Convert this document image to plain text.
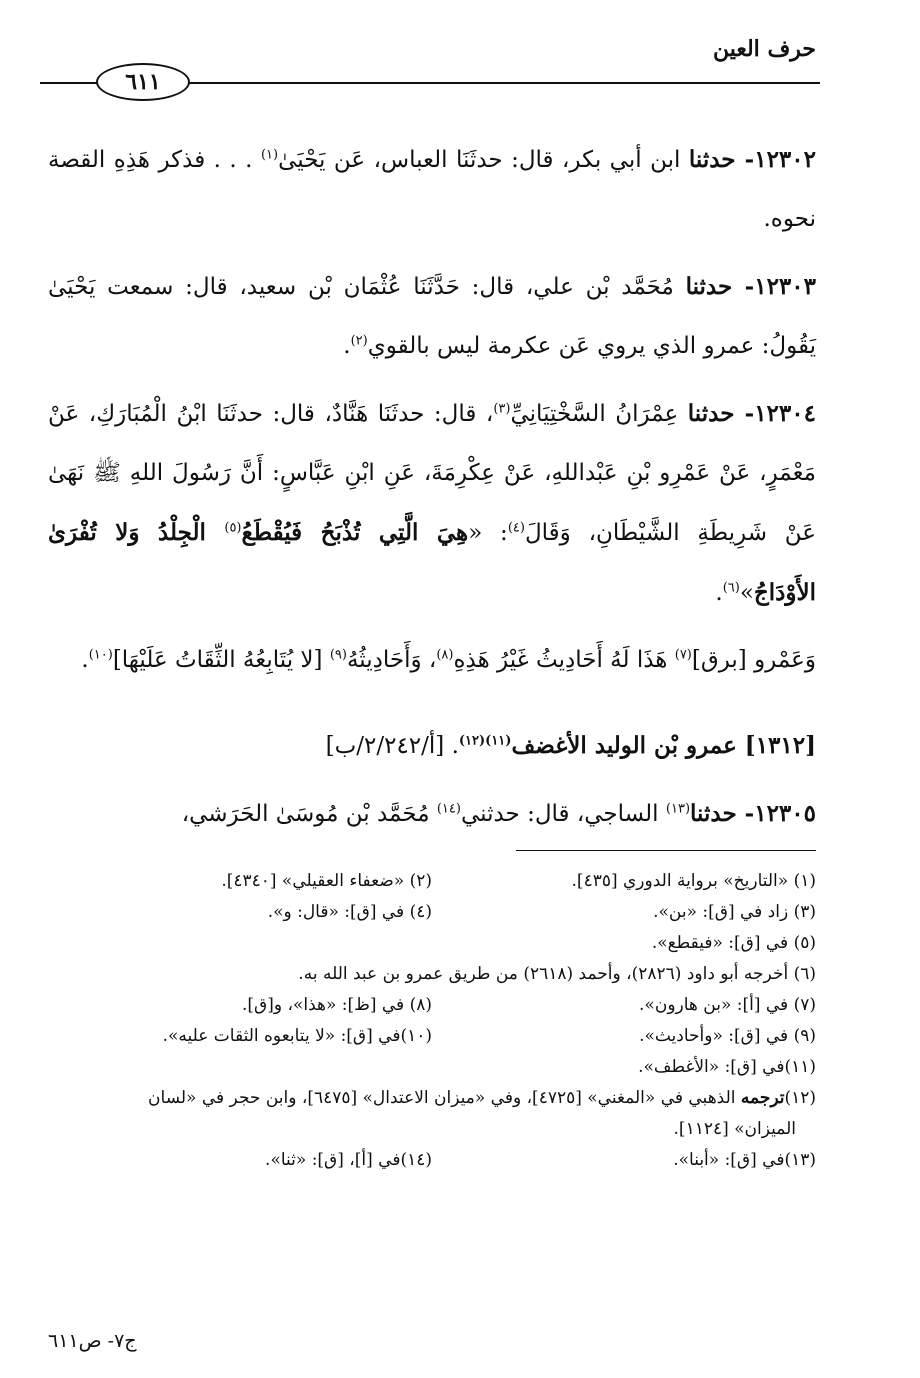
حرف العين
٦١١

١٢٣٠٢- حدثنا ابن أبي بكر، قال: حدثَنَا العباس، عَن يَحْيَىٰ$^{(١)}$ . . . فذكر هَذِهِ القصة نحوه.

١٢٣٠٣- حدثنا مُحَمَّد بْن علي، قال: حَدَّثَنَا عُثْمَان بْن سعيد، قال: سمعت يَحْيَىٰ يَقُولُ: عمرو الذي يروي عَن عكرمة ليس بالقوي$^{(٢)}$.

١٢٣٠٤- حدثنا عِمْرَانُ السَّخْتِيَانِيِّ$^{(٣)}$، قال: حدثَنَا هَنَّادٌ، قال: حدثَنَا ابْنُ الْمُبَارَكِ، عَنْ مَعْمَرٍ، عَنْ عَمْرِو بْنِ عَبْداللهِ، عَنْ عِكْرِمَةَ، عَنِ ابْنِ عَبَّاسٍ: أَنَّ رَسُولَ اللهِ ﷺ نَهَىٰ عَنْ شَرِيطَةِ الشَّيْطَانِ، وَقَالَ$^{(٤)}$: «هِيَ الَّتِي تُذْبَحُ فَيُقْطَعُ$^{(٥)}$ الْجِلْدُ وَلا تُفْرَىٰ الأَوْدَاجُ»$^{(٦)}$.

وَعَمْرو [برق]$^{(٧)}$ هَذَا لَهُ أَحَادِيثُ غَيْرُ هَذِهِ$^{(٨)}$، وَأَحَادِيثُهُ$^{(٩)}$ [لا يُتَابِعُهُ الثِّقَاتُ عَلَيْهَا]$^{(١٠)}$.

[١٣١٢] عمرو بْن الوليد الأغضف$^{(١١)(١٢)}$. [أ/٢/٢٤٢/ب]

١٢٣٠٥- حدثنا$^{(١٣)}$ الساجي، قال: حدثني$^{(١٤)}$ مُحَمَّد بْن مُوسَىٰ الحَرَشي،

(١) «التاريخ» برواية الدوري [٤٣٥].
(٢) «ضعفاء العقيلي» [٤٣٤٠].
(٣) زاد في [ق]: «بن».
(٤) في [ق]: «قال: و».
(٥) في [ق]: «فيقطع».
(٦) أخرجه أبو داود (٢٨٢٦)، وأحمد (٢٦١٨) من طريق عمرو بن عبد الله به.
(٧) في [أ]: «بن هارون».
(٨) في [ظ]: «هذا»، و[ق].
(٩) في [ق]: «وأحاديث».
(١٠)في [ق]: «لا يتابعوه الثقات عليه».
(١١)في [ق]: «الأغطف».
(١٢)ترجمه الذهبي في «المغني» [٤٧٢٥]، وفي «ميزان الاعتدال» [٦٤٧٥]، وابن حجر في «لسان
الميزان» [١١٢٤].
(١٣)في [ق]: «أبنا».
(١٤)في [أ]، [ق]: «ثنا».
ج٧- ص٦١١
